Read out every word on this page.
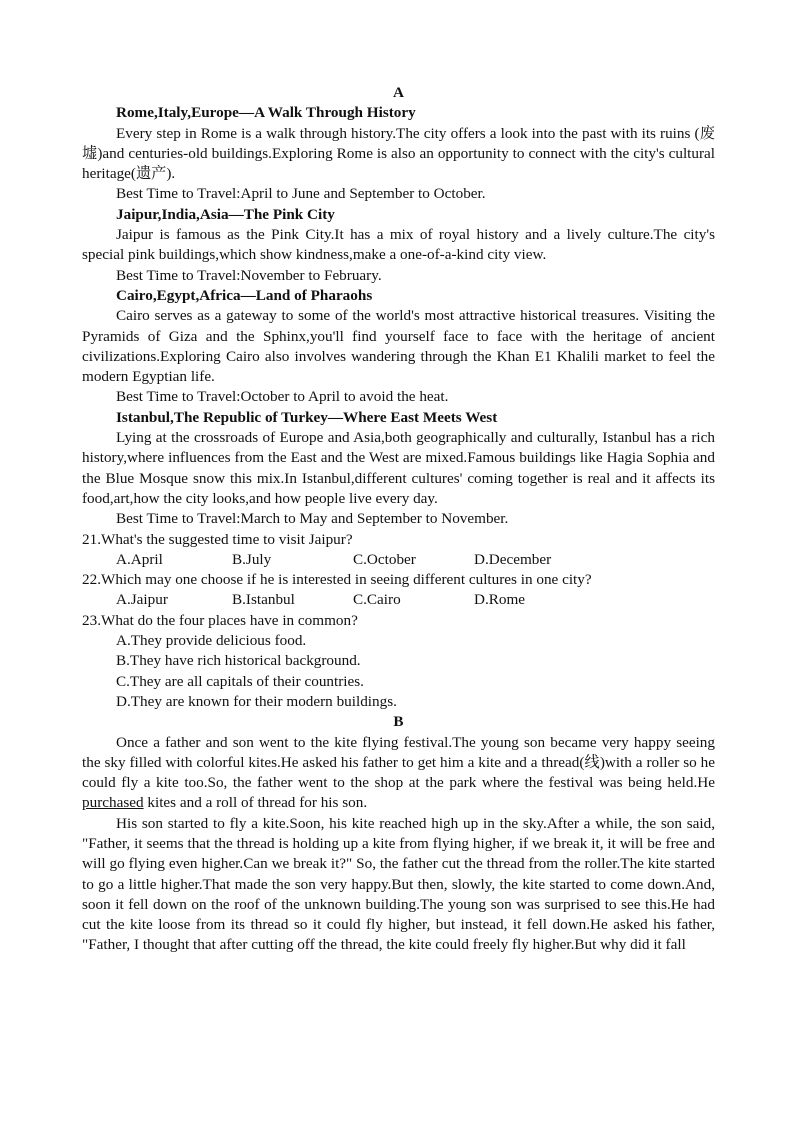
A

Rome,Italy,Europe—A Walk Through History

Every step in Rome is a walk through history.The city offers a look into the past with its ruins (废墟)and centuries-old buildings.Exploring Rome is also an opportunity to connect with the city's cultural heritage(遗产).

Best Time to Travel:April to June and September to October.

Jaipur,India,Asia—The Pink City

Jaipur is famous as the Pink City.It has a mix of royal history and a lively culture.The city's special pink buildings,which show kindness,make a one-of-a-kind city view.

Best Time to Travel:November to February.

Cairo,Egypt,Africa—Land of Pharaohs

Cairo serves as a gateway to some of the world's most attractive historical treasures. Visiting the Pyramids of Giza and the Sphinx,you'll find yourself face to face with the heritage of ancient civilizations.Exploring Cairo also involves wandering through the Khan E1 Khalili market to feel the modern Egyptian life.

Best Time to Travel:October to April to avoid the heat.

Istanbul,The Republic of Turkey—Where East Meets West

Lying at the crossroads of Europe and Asia,both geographically and culturally, Istanbul has a rich history,where influences from the East and the West are mixed.Famous buildings like Hagia Sophia and the Blue Mosque snow this mix.In Istanbul,different cultures' coming together is real and it affects its food,art,how the city looks,and how people live every day.

Best Time to Travel:March to May and September to November.

21.What's the suggested time to visit Jaipur?

A.April	B.July	C.October	D.December

22.Which may one choose if he is interested in seeing different cultures in one city?

A.Jaipur	B.Istanbul	C.Cairo	D.Rome

23.What do the four places have in common?

A.They provide delicious food.

B.They have rich historical background.

C.They are all capitals of their countries.

D.They are known for their modern buildings.

B

Once a father and son went to the kite flying festival.The young son became very happy seeing the sky filled with colorful kites.He asked his father to get him a kite and a thread(线)with a roller so he could fly a kite too.So, the father went to the shop at the park where the festival was being held.He purchased kites and a roll of thread for his son.

His son started to fly a kite.Soon, his kite reached high up in the sky.After a while, the son said, "Father, it seems that the thread is holding up a kite from flying higher, if we break it, it will be free and will go flying even higher.Can we break it?" So, the father cut the thread from the roller.The kite started to go a little higher.That made the son very happy.But then, slowly, the kite started to come down.And, soon it fell down on the roof of the unknown building.The young son was surprised to see this.He had cut the kite loose from its thread so it could fly higher, but instead, it fell down.He asked his father, "Father, I thought that after cutting off the thread, the kite could freely fly higher.But why did it fall
